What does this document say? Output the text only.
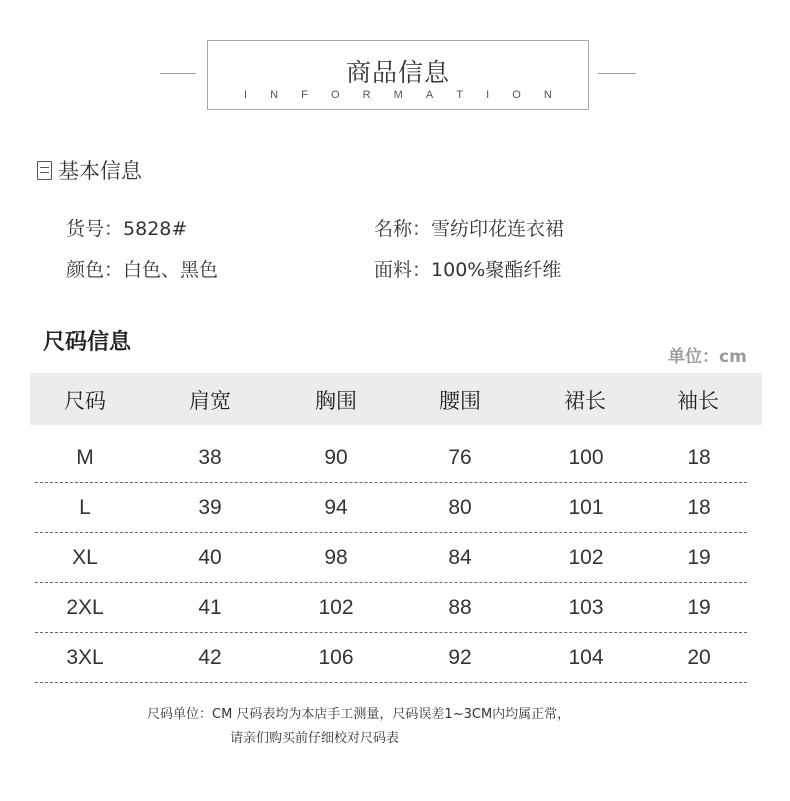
商品信息
I N F O R M A T I O N
基本信息
货号：5828#	名称：雪纺印花连衣裙
颜色：白色、黑色	面料：100%聚酯纤维
尺码信息
单位：cm
尺码	肩宽	胸围	腰围	裙长	袖长
M	38	90	76	100	18
L	39	94	80	101	18
XL	40	98	84	102	19
2XL	41	102	88	103	19
3XL	42	106	92	104	20
尺码单位：CM 尺码表均为本店手工测量，尺码误差1~3CM内均属正常，
请亲们购买前仔细校对尺码表
